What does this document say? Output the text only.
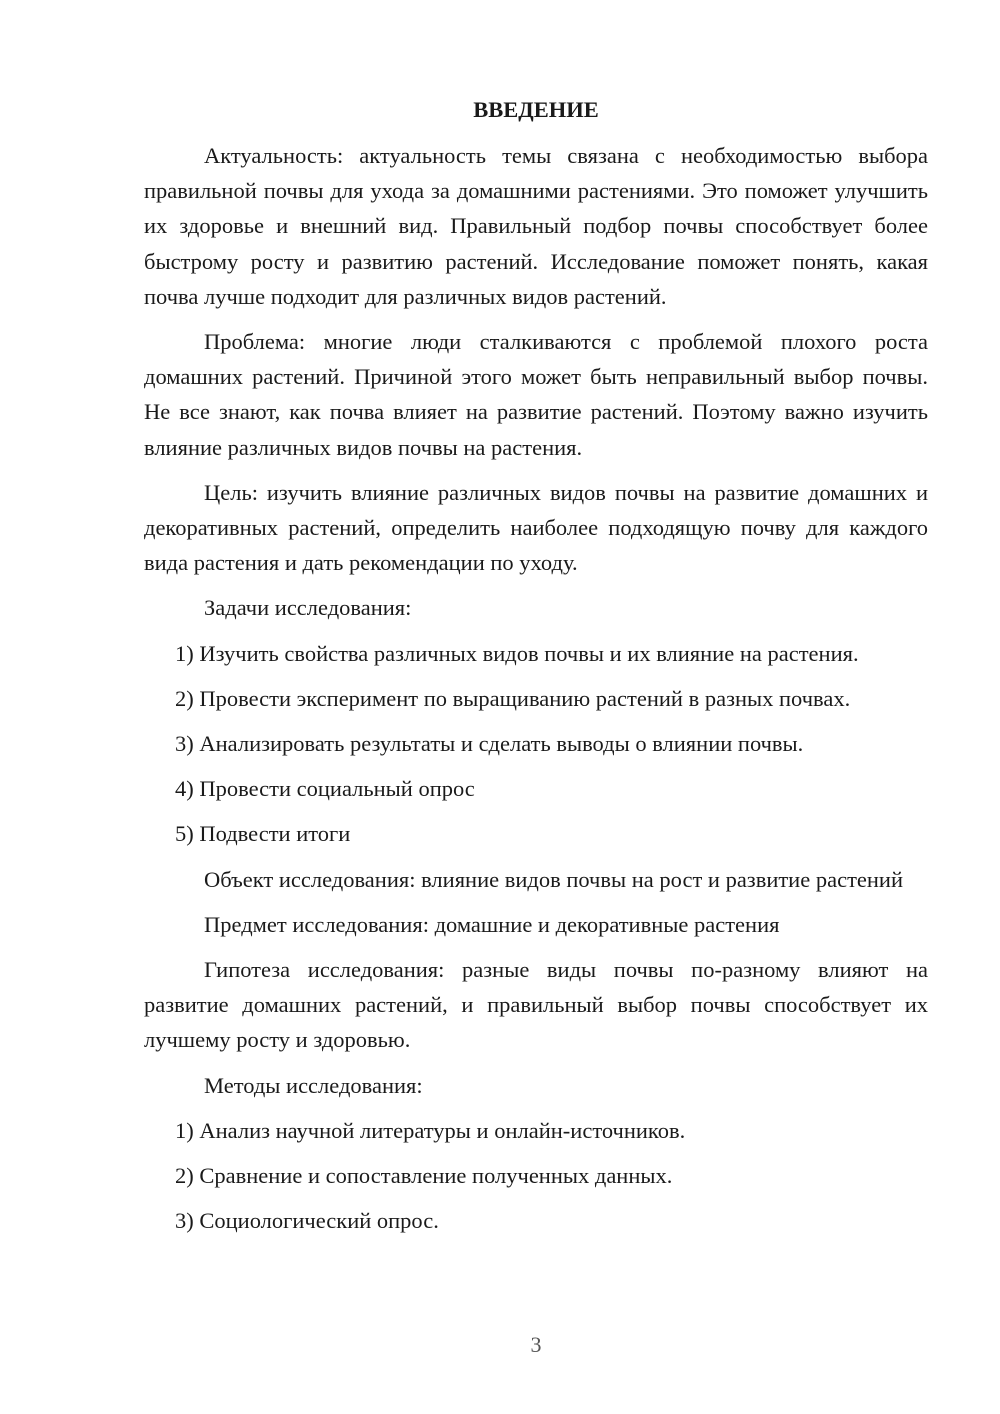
ВВЕДЕНИЕ

Актуальность: актуальность темы связана с необходимостью выбора правильной почвы для ухода за домашними растениями. Это поможет улучшить их здоровье и внешний вид. Правильный подбор почвы способствует более быстрому росту и развитию растений. Исследование поможет понять, какая почва лучше подходит для различных видов растений.

Проблема: многие люди сталкиваются с проблемой плохого роста домашних растений. Причиной этого может быть неправильный выбор почвы. Не все знают, как почва влияет на развитие растений. Поэтому важно изучить влияние различных видов почвы на растения.

Цель: изучить влияние различных видов почвы на развитие домашних и декоративных растений, определить наиболее подходящую почву для каждого вида растения и дать рекомендации по уходу.

Задачи исследования:

1) Изучить свойства различных видов почвы и их влияние на растения.

2) Провести эксперимент по выращиванию растений в разных почвах.

3) Анализировать результаты и сделать выводы о влиянии почвы.

4) Провести социальный опрос

5) Подвести итоги

Объект исследования: влияние видов почвы на рост и развитие растений

Предмет исследования: домашние и декоративные растения

Гипотеза исследования: разные виды почвы по-разному влияют на развитие домашних растений, и правильный выбор почвы способствует их лучшему росту и здоровью.

Методы исследования:

1) Анализ научной литературы и онлайн-источников.

2) Сравнение и сопоставление полученных данных.

3) Социологический опрос.

3
